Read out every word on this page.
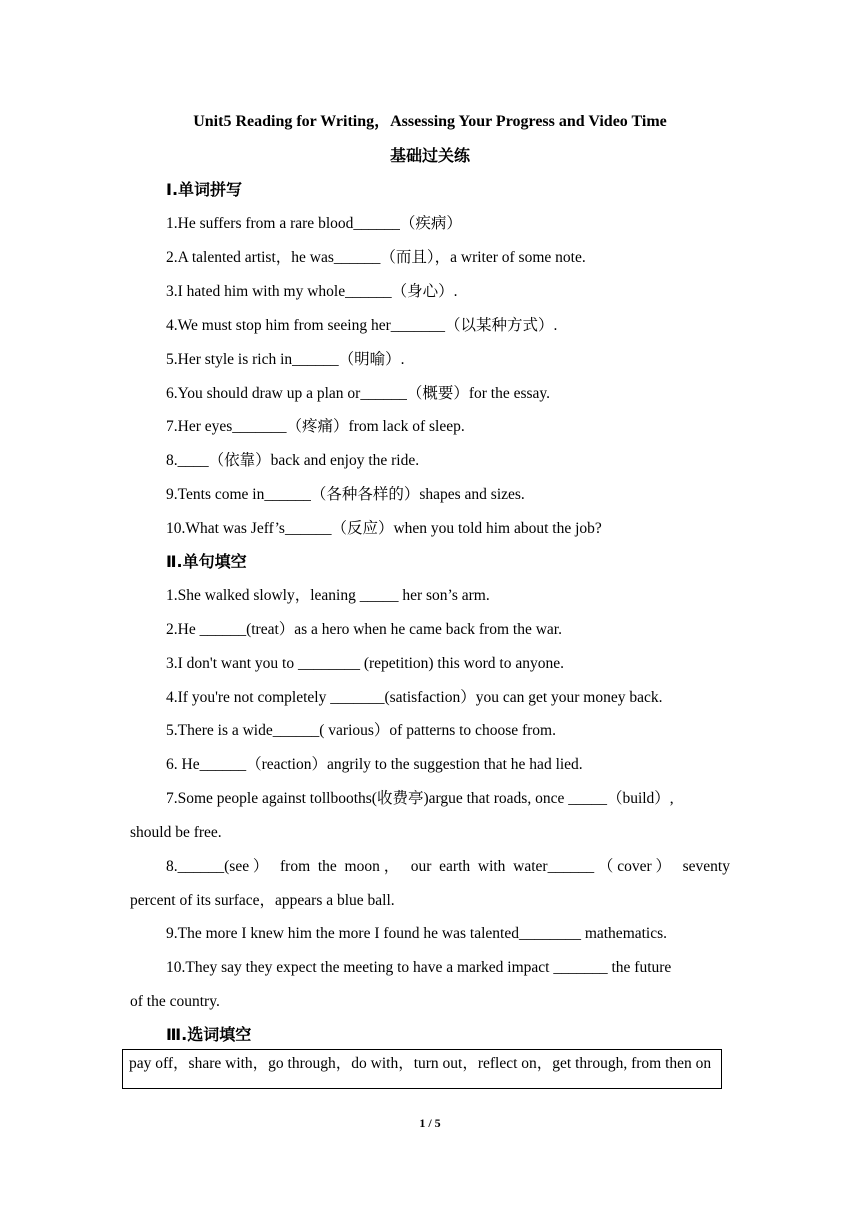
Unit5 Reading for Writing，Assessing Your Progress and Video Time
基础过关练
Ⅰ.单词拼写
1.He suffers from a rare blood______（疾病）
2.A talented artist，he was______（而且），a writer of some note.
3.I hated him with my whole______（身心）.
4.We must stop him from seeing her_______（以某种方式）.
5.Her style is rich in______（明喻）.
6.You should draw up a plan or______（概要）for the essay.
7.Her eyes_______（疼痛）from lack of sleep.
8.____（依靠）back and enjoy the ride.
9.Tents come in______（各种各样的）shapes and sizes.
10.What was Jeff’s______（反应）when you told him about the job?
Ⅱ.单句填空
1.She walked slowly，leaning _____ her son’s arm.
2.He ______(treat）as a hero when he came back from the war.
3.I don't want you to ________ (repetition) this word to anyone.
4.If you're not completely _______(satisfaction）you can get your money back.
5.There is a wide______( various）of patterns to choose from.
6. He______（reaction）angrily to the suggestion that he had lied.
7.Some people against tollbooths(收费亭)argue that roads, once _____（build）,
should be free.
8.______(see） from the moon， our earth with water______（cover） seventy
percent of its surface，appears a blue ball.
9.The more I knew him the more I found he was talented________ mathematics.
10.They say they expect the meeting to have a marked impact _______ the future
of the country.
Ⅲ.选词填空
pay off，share with，go through，do with，turn out，reflect on，get through, from then on
1 / 5
